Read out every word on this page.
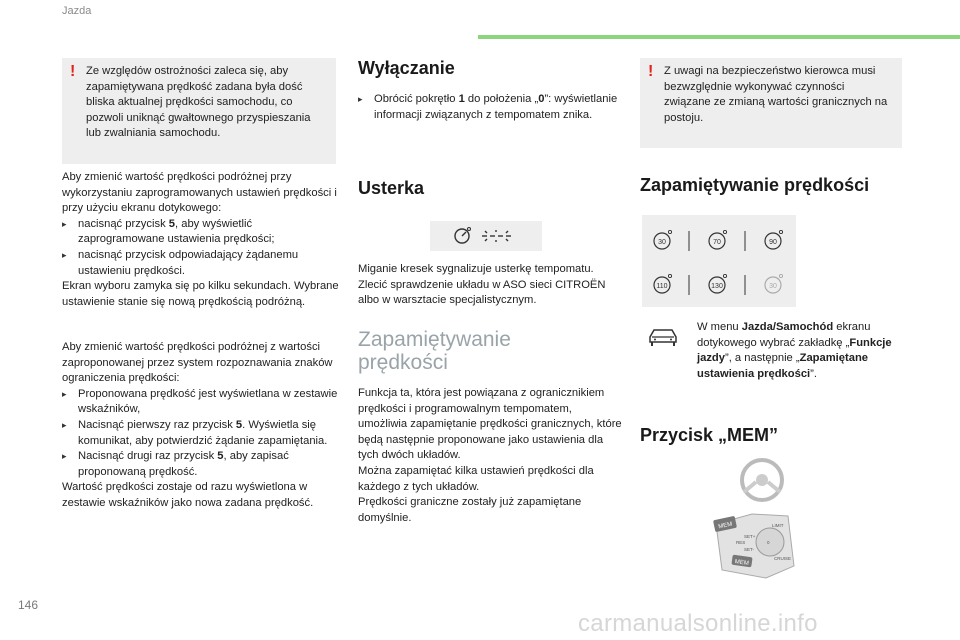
Jazda
! Ze względów ostrożności zaleca się, aby zapamiętywana prędkość zadana była dość bliska aktualnej prędkości samochodu, co pozwoli uniknąć gwałtownego przyspieszania lub zwalniania samochodu.

Aby zmienić wartość prędkości podróżnej przy wykorzystaniu zaprogramowanych ustawień prędkości i przy użyciu ekranu dotykowego:

▸ nacisnąć przycisk 5, aby wyświetlić zaprogramowane ustawienia prędkości;

▸ nacisnąć przycisk odpowiadający żądanemu ustawieniu prędkości.

Ekran wyboru zamyka się po kilku sekundach. Wybrane ustawienie stanie się nową prędkością podróżną.

Aby zmienić wartość prędkości podróżnej z wartości zaproponowanej przez system rozpoznawania znaków ograniczenia prędkości:

▸ Proponowana prędkość jest wyświetlana w zestawie wskaźników,

▸ Nacisnąć pierwszy raz przycisk 5. Wyświetla się komunikat, aby potwierdzić żądanie zapamiętania.

▸ Nacisnąć drugi raz przycisk 5, aby zapisać proponowaną prędkość.

Wartość prędkości zostaje od razu wyświetlona w zestawie wskaźników jako nowa zadana prędkość.

Wyłączanie
▸ Obrócić pokrętło 1 do położenia „0”: wyświetlanie informacji związanych z tempomatem znika.
Usterka
Miganie kresek sygnalizuje usterkę tempomatu. Zlecić sprawdzenie układu w ASO sieci CITROËN albo w warsztacie specjalistycznym.
Zapamiętywanie prędkości
Funkcja ta, która jest powiązana z ogranicznikiem prędkości i programowalnym tempomatem, umożliwia zapamiętanie prędkości granicznych, które będą następnie proponowane jako ustawienia dla tych dwóch układów.
Można zapamiętać kilka ustawień prędkości dla każdego z tych układów.
Prędkości graniczne zostały już zapamiętane domyślnie.
! Z uwagi na bezpieczeństwo kierowca musi bezwzględnie wykonywać czynności związane ze zmianą wartości granicznych na postoju.
Zapamiętywanie prędkości
30	70	90
110	130	30
W menu Jazda/Samochód ekranu dotykowego wybrać zakładkę „Funkcje jazdy”, a następnie „Zapamiętane ustawienia prędkości”.
Przycisk „MEM”
MEM
MEM
SET+
SET-
LIMIT
CRUISE
0
RES
146
carmanualsonline.info
